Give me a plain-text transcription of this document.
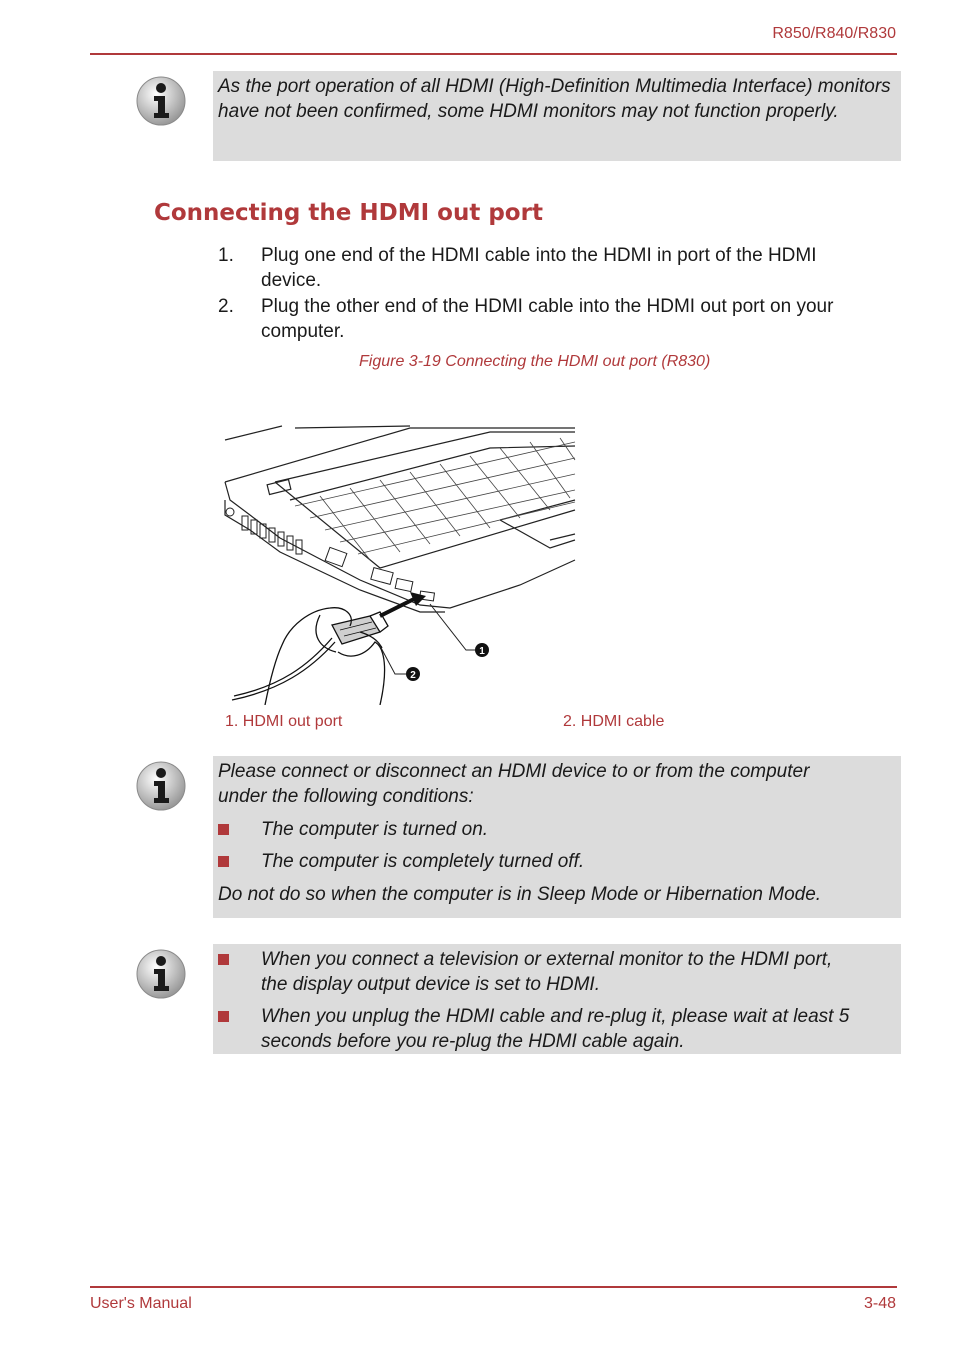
R850/R840/R830
As the port operation of all HDMI (High-Definition Multimedia Interface) monitors have not been confirmed, some HDMI monitors may not function properly.
Connecting the HDMI out port
1. Plug one end of the HDMI cable into the HDMI in port of the HDMI
device.
2. Plug the other end of the HDMI cable into the HDMI out port on your
computer.
Figure 3-19 Connecting the HDMI out port (R830)
1
2
1. HDMI out port	2. HDMI cable
Please connect or disconnect an HDMI device to or from the computer
under the following conditions:
The computer is turned on.
The computer is completely turned off.
Do not do so when the computer is in Sleep Mode or Hibernation Mode.
When you connect a television or external monitor to the HDMI port,
the display output device is set to HDMI.
When you unplug the HDMI cable and re-plug it, please wait at least 5
seconds before you re-plug the HDMI cable again.
User's Manual	3-48
